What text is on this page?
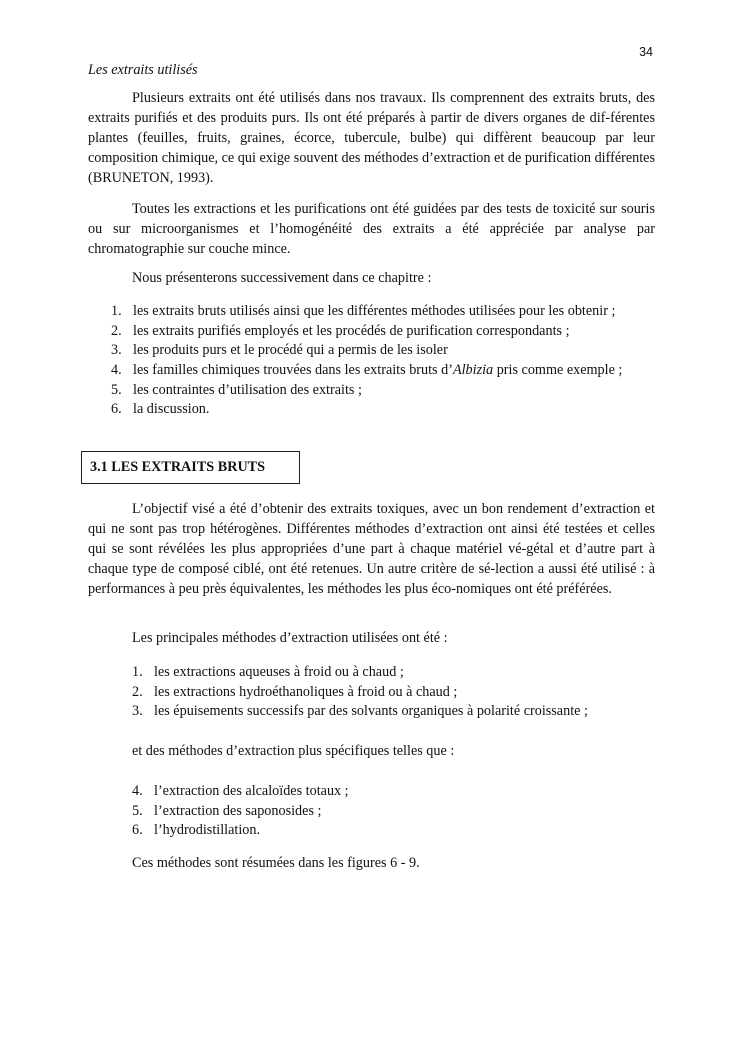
34
Les extraits utilisés

Plusieurs extraits ont été utilisés dans nos travaux. Ils comprennent des extraits bruts, des extraits purifiés et des produits purs. Ils ont été préparés à partir de divers organes de dif-férentes plantes (feuilles, fruits, graines, écorce, tubercule, bulbe) qui diffèrent beaucoup par leur composition chimique, ce qui exige souvent des méthodes d’extraction et de purification différentes (BRUNETON, 1993).

Toutes les extractions et les purifications ont été guidées par des tests de toxicité sur souris ou sur microorganismes et l’homogénéité des extraits a été appréciée par analyse par chromatographie sur couche mince.

Nous présenterons successivement dans ce chapitre :

1. les extraits bruts utilisés ainsi que les différentes méthodes utilisées pour les obtenir ;
2. les extraits purifiés employés et les procédés de purification correspondants ;
3. les produits purs et le procédé qui a permis de les isoler
4. les familles chimiques trouvées dans les extraits bruts d’Albizia pris comme exemple ;
5. les contraintes d’utilisation des extraits ;
6. la discussion.
3.1 LES EXTRAITS BRUTS

L’objectif visé a été d’obtenir des extraits toxiques, avec un bon rendement d’extraction et qui ne sont pas trop hétérogènes. Différentes méthodes d’extraction ont ainsi été testées et celles qui se sont révélées les plus appropriées d’une part à chaque matériel vé-gétal et d’autre part à chaque type de composé ciblé, ont été retenues. Un autre critère de sé-lection a aussi été utilisé : à performances à peu près équivalentes, les méthodes les plus éco-nomiques ont été préférées.

Les principales méthodes d’extraction utilisées ont été :

1. les extractions aqueuses à froid ou à chaud ;
2. les extractions hydroéthanoliques à froid ou à chaud ;
3. les épuisements successifs par des solvants organiques à polarité croissante ;

et des méthodes d’extraction plus spécifiques telles que :

4. l’extraction des alcaloïdes totaux ;
5. l’extraction des saponosides ;
6. l’hydrodistillation.

Ces méthodes sont résumées dans les figures 6 - 9.
